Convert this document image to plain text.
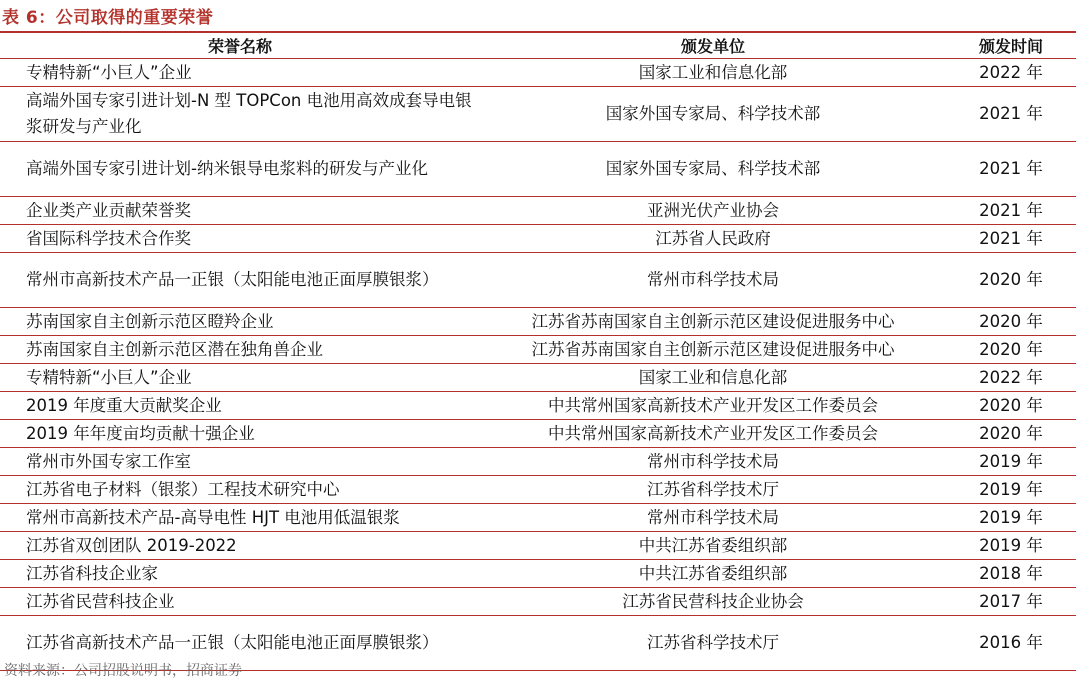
表 6：公司取得的重要荣誉
荣誉名称	颁发单位	颁发时间
专精特新“小巨人”企业	国家工业和信息化部	2022 年
高端外国专家引进计划-N 型 TOPCon 电池用高效成套导电银浆研发与产业化	国家外国专家局、科学技术部	2021 年
高端外国专家引进计划-纳米银导电浆料的研发与产业化	国家外国专家局、科学技术部	2021 年
企业类产业贡献荣誉奖	亚洲光伏产业协会	2021 年
省国际科学技术合作奖	江苏省人民政府	2021 年
常州市高新技术产品一正银（太阳能电池正面厚膜银浆）	常州市科学技术局	2020 年
苏南国家自主创新示范区瞪羚企业	江苏省苏南国家自主创新示范区建设促进服务中心	2020 年
苏南国家自主创新示范区潜在独角兽企业	江苏省苏南国家自主创新示范区建设促进服务中心	2020 年
专精特新“小巨人”企业	国家工业和信息化部	2022 年
2019 年度重大贡献奖企业	中共常州国家高新技术产业开发区工作委员会	2020 年
2019 年年度亩均贡献十强企业	中共常州国家高新技术产业开发区工作委员会	2020 年
常州市外国专家工作室	常州市科学技术局	2019 年
江苏省电子材料（银浆）工程技术研究中心	江苏省科学技术厅	2019 年
常州市高新技术产品-高导电性 HJT 电池用低温银浆	常州市科学技术局	2019 年
江苏省双创团队 2019-2022	中共江苏省委组织部	2019 年
江苏省科技企业家	中共江苏省委组织部	2018 年
江苏省民营科技企业	江苏省民营科技企业协会	2017 年
江苏省高新技术产品一正银（太阳能电池正面厚膜银浆）	江苏省科学技术厅	2016 年
资料来源：公司招股说明书，招商证券
